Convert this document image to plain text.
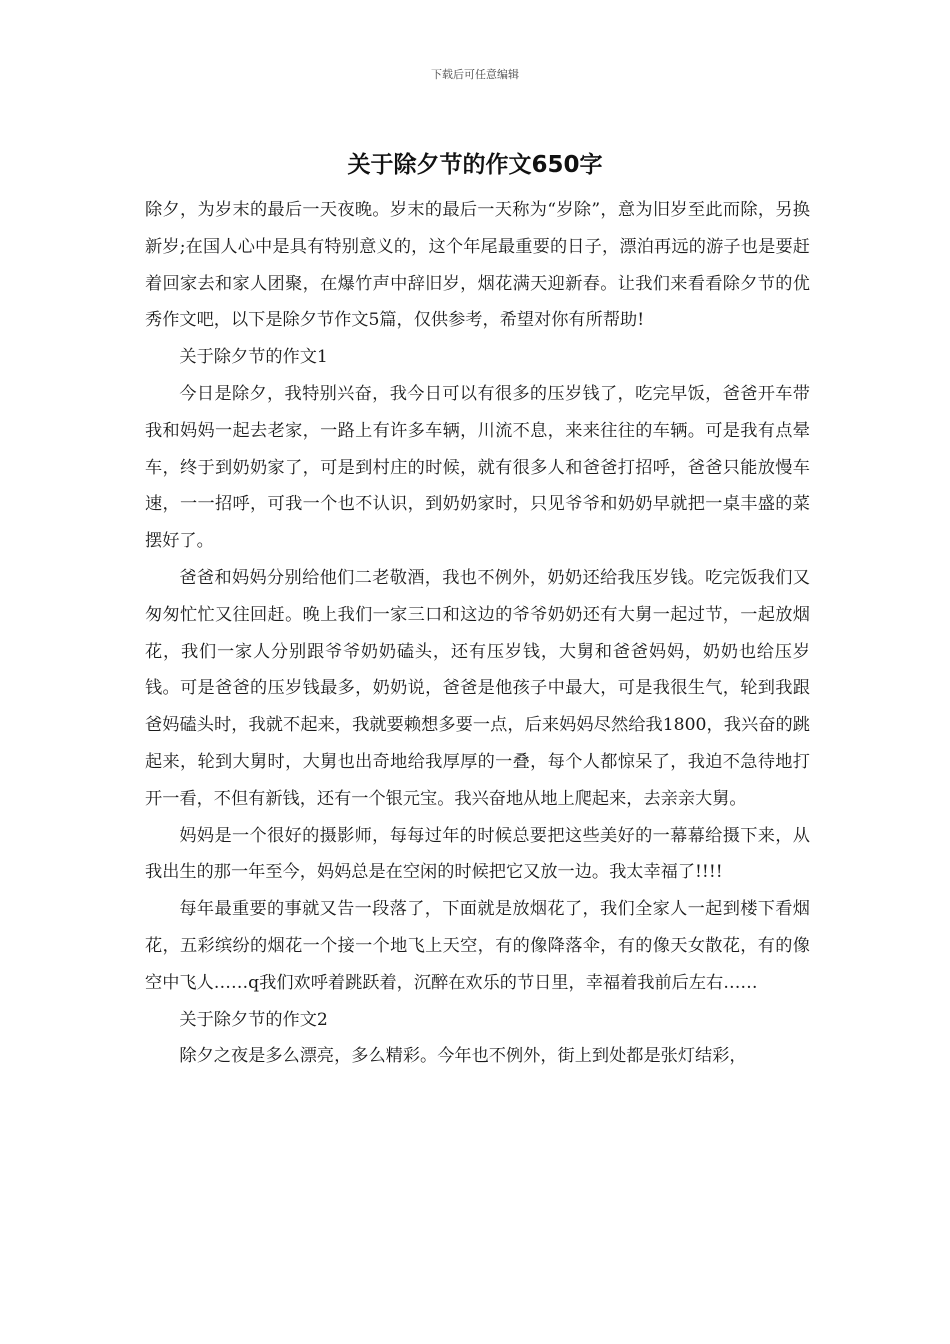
下载后可任意编辑
关于除夕节的作文650字

除夕，为岁末的最后一天夜晚。岁末的最后一天称为“岁除”，意为旧岁至此而除，另换新岁;在国人心中是具有特别意义的，这个年尾最重要的日子，漂泊再远的游子也是要赶着回家去和家人团聚，在爆竹声中辞旧岁，烟花满天迎新春。让我们来看看除夕节的优秀作文吧，以下是除夕节作文5篇，仅供参考，希望对你有所帮助!

关于除夕节的作文1

今日是除夕，我特别兴奋，我今日可以有很多的压岁钱了，吃完早饭，爸爸开车带我和妈妈一起去老家，一路上有许多车辆，川流不息，来来往往的车辆。可是我有点晕车，终于到奶奶家了，可是到村庄的时候，就有很多人和爸爸打招呼，爸爸只能放慢车速，一一招呼，可我一个也不认识，到奶奶家时，只见爷爷和奶奶早就把一桌丰盛的菜摆好了。

爸爸和妈妈分别给他们二老敬酒，我也不例外，奶奶还给我压岁钱。吃完饭我们又匆匆忙忙又往回赶。晚上我们一家三口和这边的爷爷奶奶还有大舅一起过节，一起放烟花，我们一家人分别跟爷爷奶奶磕头，还有压岁钱，大舅和爸爸妈妈，奶奶也给压岁钱。可是爸爸的压岁钱最多，奶奶说，爸爸是他孩子中最大，可是我很生气，轮到我跟爸妈磕头时，我就不起来，我就要赖想多要一点，后来妈妈尽然给我1800，我兴奋的跳起来，轮到大舅时，大舅也出奇地给我厚厚的一叠，每个人都惊呆了，我迫不急待地打开一看，不但有新钱，还有一个银元宝。我兴奋地从地上爬起来，去亲亲大舅。

妈妈是一个很好的摄影师，每每过年的时候总要把这些美好的一幕幕给摄下来，从我出生的那一年至今，妈妈总是在空闲的时候把它又放一边。我太幸福了!!!!

每年最重要的事就又告一段落了，下面就是放烟花了，我们全家人一起到楼下看烟花，五彩缤纷的烟花一个接一个地飞上天空，有的像降落伞，有的像天女散花，有的像空中飞人……q我们欢呼着跳跃着，沉醉在欢乐的节日里，幸福着我前后左右……

关于除夕节的作文2

除夕之夜是多么漂亮，多么精彩。今年也不例外，街上到处都是张灯结彩，
